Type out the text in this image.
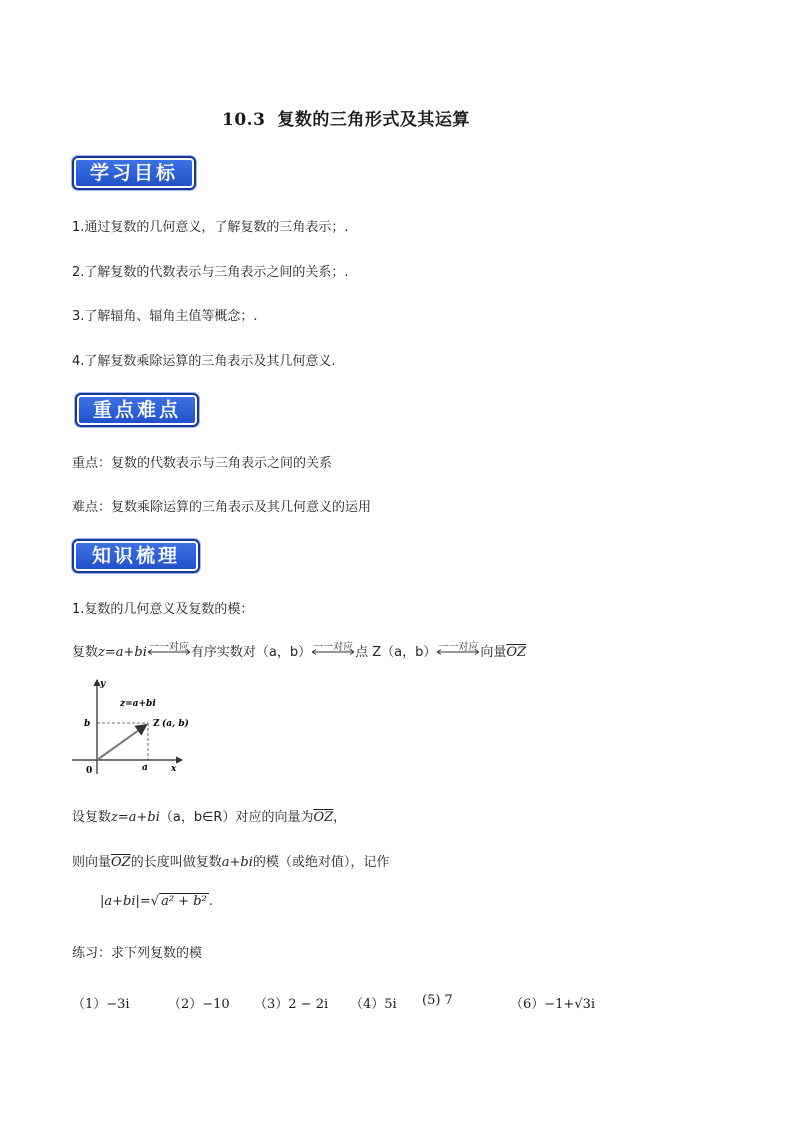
10.3 复数的三角形式及其运算
学习目标
1.通过复数的几何意义，了解复数的三角表示；.
2.了解复数的代数表示与三角表示之间的关系；.
3.了解辐角、辐角主值等概念；.
4.了解复数乘除运算的三角表示及其几何意义.
重点难点
重点：复数的代数表示与三角表示之间的关系
难点：复数乘除运算的三角表示及其几何意义的运用
知识梳理
1.复数的几何意义及复数的模：
复数z=a+bi 一一对应 有序实数对（a，b） 一一对应 点 Z（a，b） 一一对应 向量$\overline{OZ}$
y
x
0	a
b
z=a+bi
Z (a, b)
设复数z=a+bi（a，b∈R）对应的向量为$\overline{OZ}$，
则向量$\overline{OZ}$的长度叫做复数a+bi的模（或绝对值），记作
|a+bi|=√ a² + b² .
练习：求下列复数的模
（1）−3i	（2）−10 （3）2 − 2i （4）5i (5) 7	（6）−1+√3i
